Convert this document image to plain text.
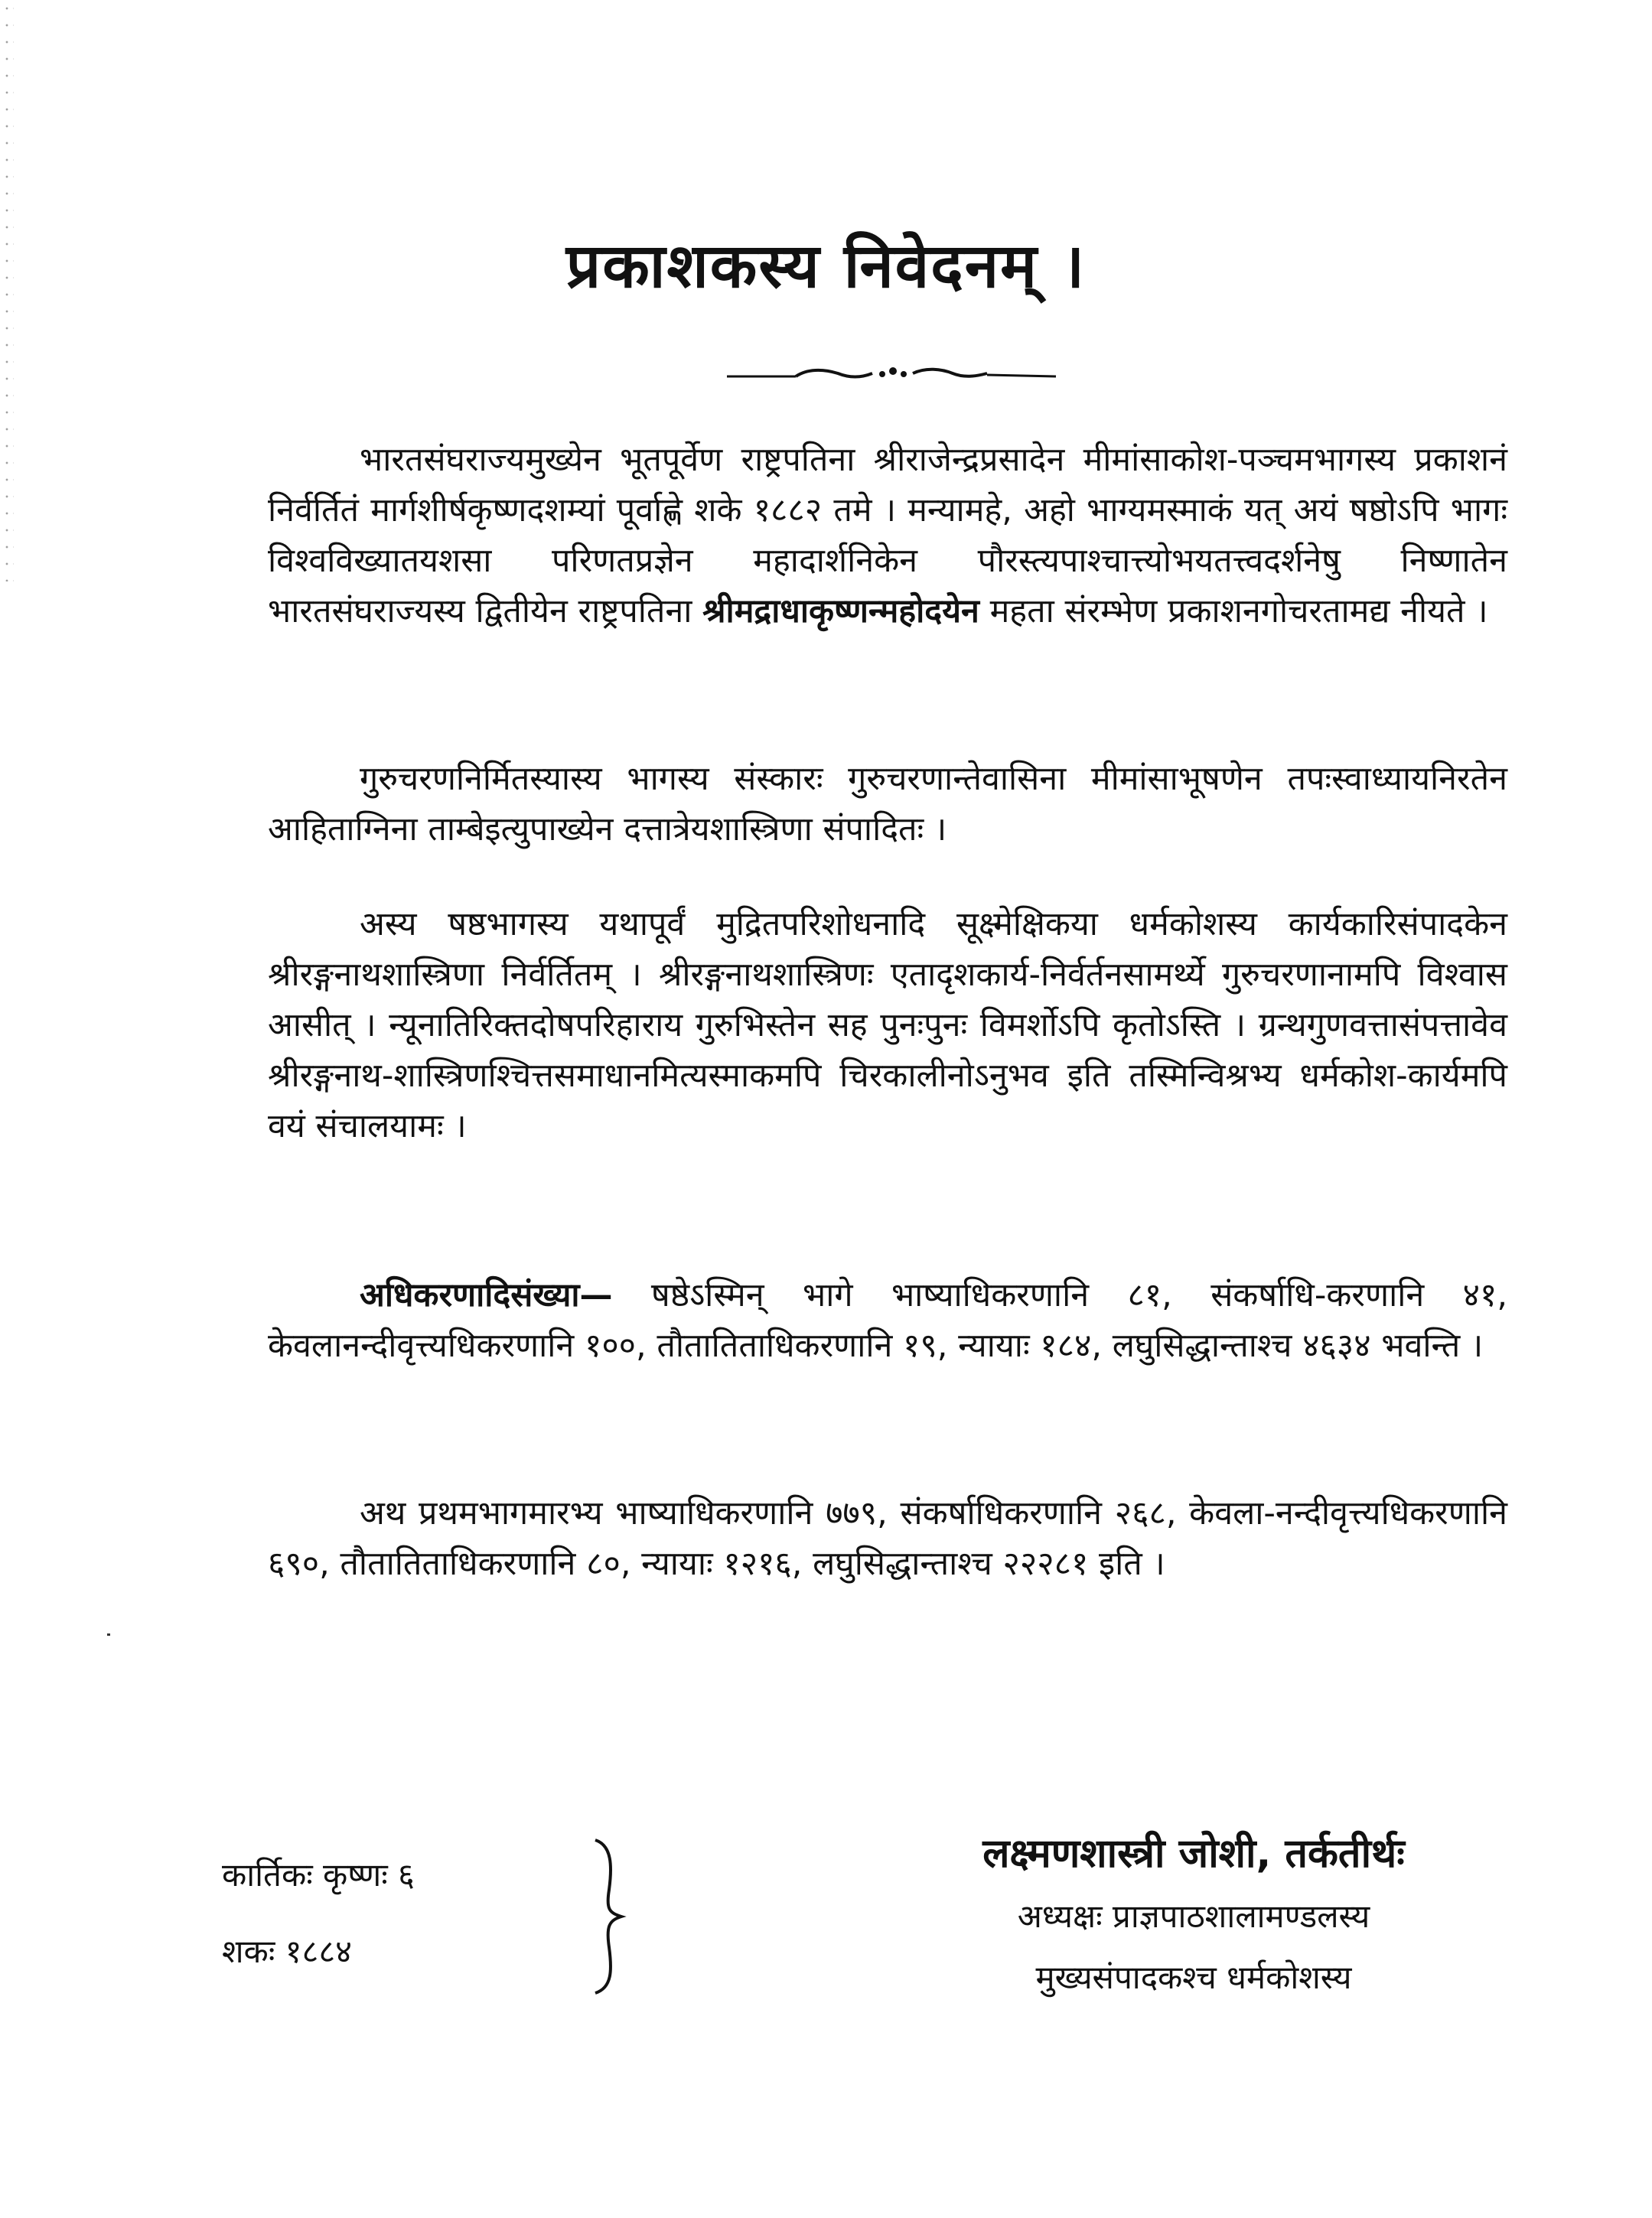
प्रकाशकस्य निवेदनम् ।

भारतसंघराज्यमुख्येन भूतपूर्वेण राष्ट्रपतिना श्रीराजेन्द्रप्रसादेन मीमांसाकोश-पञ्चमभागस्य प्रकाशनं निर्वर्तितं मार्गशीर्षकृष्णदशम्यां पूर्वाह्णे शके १८८२ तमे । मन्यामहे, अहो भाग्यमस्माकं यत् अयं षष्ठोऽपि भागः विश्वविख्यातयशसा परिणतप्रज्ञेन महादार्शनिकेन पौरस्त्यपाश्चात्त्योभयतत्त्वदर्शनेषु निष्णातेन भारतसंघराज्यस्य द्वितीयेन राष्ट्रपतिना श्रीमद्राधाकृष्णन्महोदयेन महता संरम्भेण प्रकाशनगोचरतामद्य नीयते ।

गुरुचरणनिर्मितस्यास्य भागस्य संस्कारः गुरुचरणान्तेवासिना मीमांसाभूषणेन तपःस्वाध्यायनिरतेन आहिताग्निना ताम्बेइत्युपाख्येन दत्तात्रेयशास्त्रिणा संपादितः ।

अस्य षष्ठभागस्य यथापूर्वं मुद्रितपरिशोधनादि सूक्ष्मेक्षिकया धर्मकोशस्य कार्यकारिसंपादकेन श्रीरङ्गनाथशास्त्रिणा निर्वर्तितम् । श्रीरङ्गनाथशास्त्रिणः एतादृशकार्य-निर्वर्तनसामर्थ्ये गुरुचरणानामपि विश्वास आसीत् । न्यूनातिरिक्तदोषपरिहाराय गुरुभिस्तेन सह पुनःपुनः विमर्शोऽपि कृतोऽस्ति । ग्रन्थगुणवत्तासंपत्तावेव श्रीरङ्गनाथ-शास्त्रिणश्चित्तसमाधानमित्यस्माकमपि चिरकालीनोऽनुभव इति तस्मिन्विश्रभ्य धर्मकोश-कार्यमपि वयं संचालयामः ।

अधिकरणादिसंख्या— षष्ठेऽस्मिन् भागे भाष्याधिकरणानि ८१, संकर्षाधि-करणानि ४१, केवलानन्दीवृत्त्यधिकरणानि १००, तौतातिताधिकरणानि १९, न्यायाः १८४, लघुसिद्धान्ताश्च ४६३४ भवन्ति ।

अथ प्रथमभागमारभ्य भाष्याधिकरणानि ७७९, संकर्षाधिकरणानि २६८, केवला-नन्दीवृत्त्यधिकरणानि ६९०, तौतातिताधिकरणानि ८०, न्यायाः १२१६, लघुसिद्धान्ताश्च २२२८१ इति ।

कार्तिकः कृष्णः ६
शकः १८८४
लक्ष्मणशास्त्री जोशी, तर्कतीर्थः
अध्यक्षः प्राज्ञपाठशालामण्डलस्य
मुख्यसंपादकश्च धर्मकोशस्य
